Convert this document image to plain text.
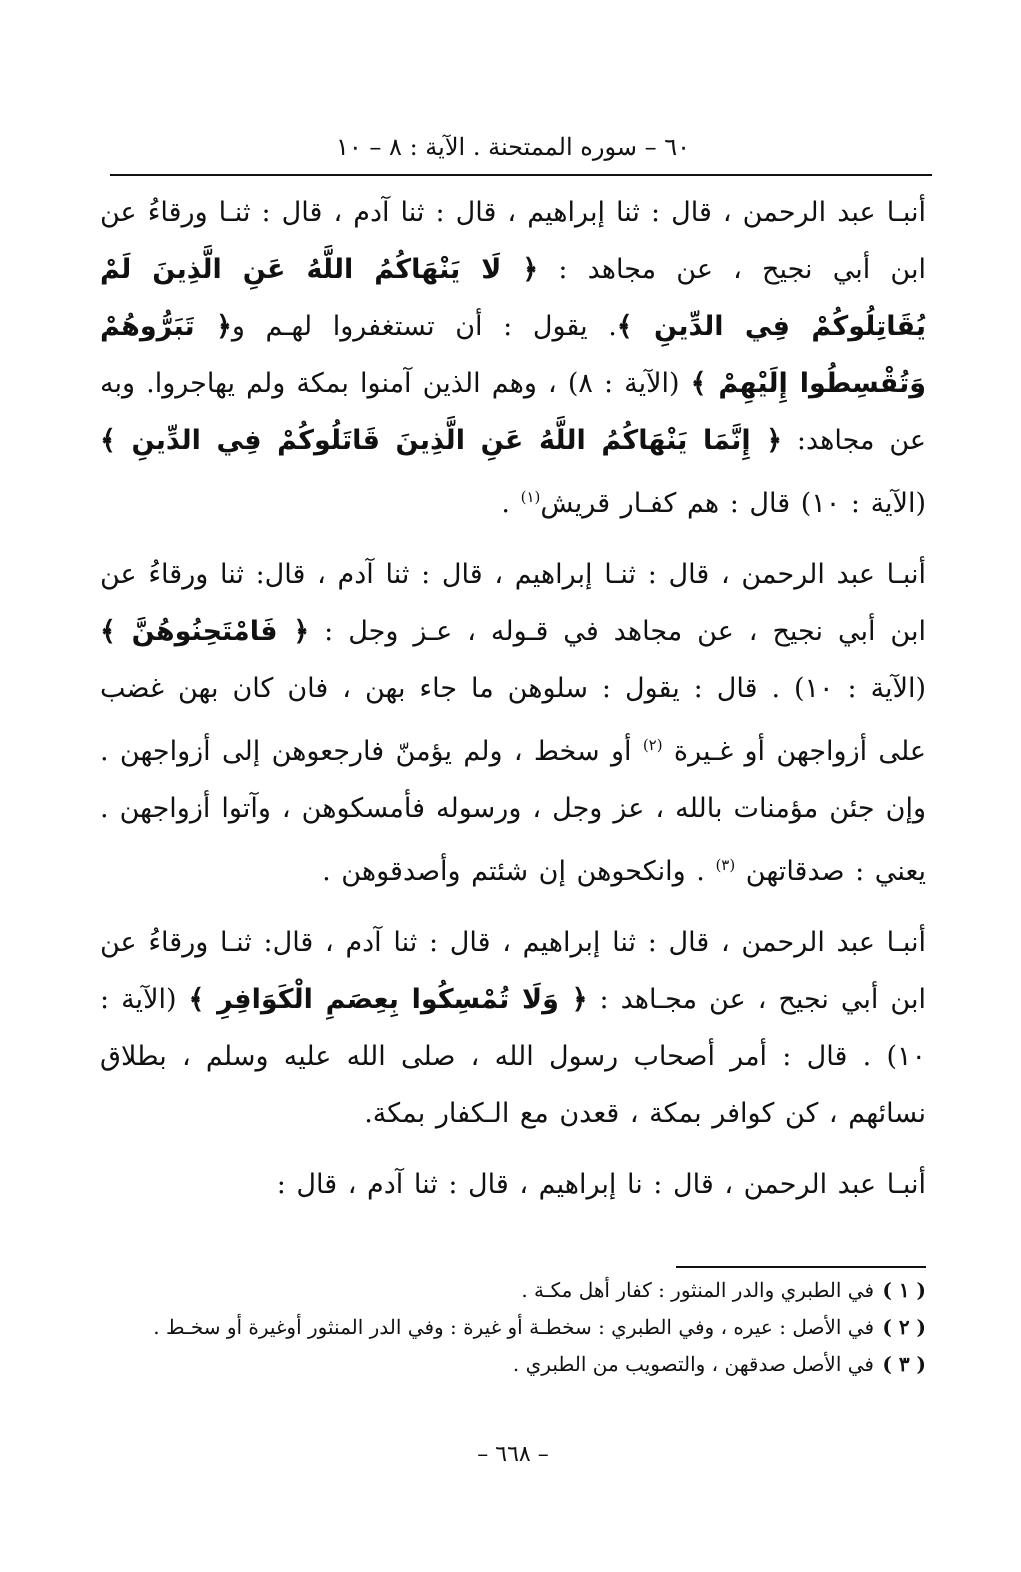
٦٠ – سوره الممتحنة . الآية : ٨ – ١٠

أنبـا عبد الرحمن ، قال : ثنا إبراهيم ، قال : ثنا آدم ، قال : ثنـا ورقاءُ عن ابن أبي نجيح ، عن مجاهد : ﴿ لَا يَنْهَاكُمُ اللَّهُ عَنِ الَّذِينَ لَمْ يُقَاتِلُوكُمْ فِي الدِّينِ ﴾. يقول : أن تستغفروا لهـم و﴿ تَبَرُّوهُمْ وَتُقْسِطُوا إِلَيْهِمْ ﴾ (الآية : ٨) ، وهم الذين آمنوا بمكة ولم يهاجروا. وبه عن مجاهد: ﴿ إِنَّمَا يَنْهَاكُمُ اللَّهُ عَنِ الَّذِينَ قَاتَلُوكُمْ فِي الدِّينِ ﴾ (الآية : ١٠) قال : هم كفـار قريش$^{(١)}$ .

أنبـا عبد الرحمن ، قال : ثنـا إبراهيم ، قال : ثنا آدم ، قال: ثنا ورقاءُ عن ابن أبي نجيح ، عن مجاهد في قـوله ، عـز وجل : ﴿ فَامْتَحِنُوهُنَّ ﴾ (الآية : ١٠) . قال : يقول : سلوهن ما جاء بهن ، فان كان بهن غضب على أزواجهن أو غـيرة $^{(٢)}$ أو سخط ، ولم يؤمنّ فارجعوهن إلى أزواجهن . وإن جئن مؤمنات بالله ، عز وجل ، ورسوله فأمسكوهن ، وآتوا أزواجهن . يعني : صدقاتهن $^{(٣)}$ . وانكحوهن إن شئتم وأصدقوهن .

أنبـا عبد الرحمن ، قال : ثنا إبراهيم ، قال : ثنا آدم ، قال: ثنـا ورقاءُ عن ابن أبي نجيح ، عن مجـاهد : ﴿ وَلَا تُمْسِكُوا بِعِصَمِ الْكَوَافِرِ ﴾ (الآية : ١٠) . قال : أمر أصحاب رسول الله ، صلى الله عليه وسلم ، بطلاق نسائهم ، كن كوافر بمكة ، قعدن مع الـكفار بمكة.

أنبـا عبد الرحمن ، قال : نا إبراهيم ، قال : ثنا آدم ، قال :

( ١ )
في الطبري والدر المنثور : كفار أهل مكـة .
( ٢ )
في الأصل : عيره ، وفي الطبري : سخطـة أو غيرة : وفي الدر المنثور أوغيرة أو سخـط .
( ٣ )
في الأصل صدقهن ، والتصويب من الطبري .
– ٦٦٨ –
